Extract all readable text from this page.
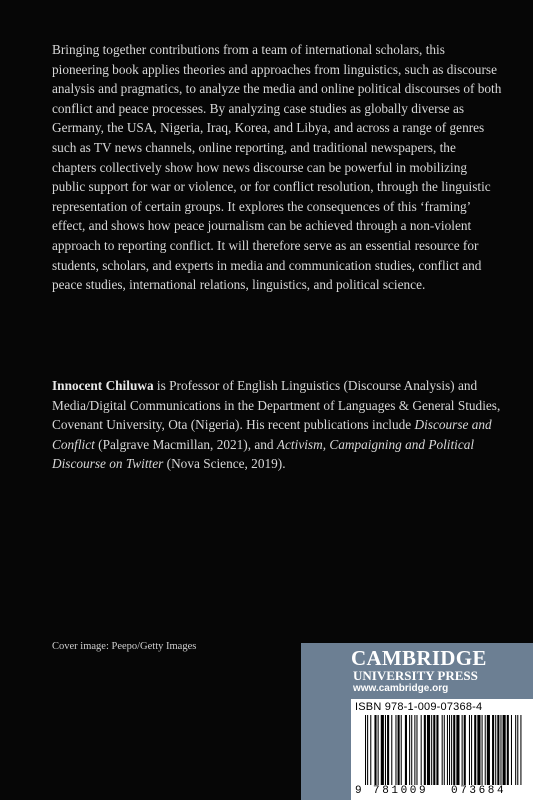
Bringing together contributions from a team of international scholars, this pioneering book applies theories and approaches from linguistics, such as discourse analysis and pragmatics, to analyze the media and online political discourses of both conflict and peace processes. By analyzing case studies as globally diverse as Germany, the USA, Nigeria, Iraq, Korea, and Libya, and across a range of genres such as TV news channels, online reporting, and traditional newspapers, the chapters collectively show how news discourse can be powerful in mobilizing public support for war or violence, or for conflict resolution, through the linguistic representation of certain groups. It explores the consequences of this ‘framing’ effect, and shows how peace journalism can be achieved through a non-violent approach to reporting conflict. It will therefore serve as an essential resource for students, scholars, and experts in media and communication studies, conflict and peace studies, international relations, linguistics, and political science.

Innocent Chiluwa is Professor of English Linguistics (Discourse Analysis) and Media/Digital Communications in the Department of Languages & General Studies, Covenant University, Ota (Nigeria). His recent publications include Discourse and Conflict (Palgrave Macmillan, 2021), and Activism, Campaigning and Political Discourse on Twitter (Nova Science, 2019).

Cover image: Peepo/Getty Images	CAMBRIDGE
UNIVERSITY PRESS
www.cambridge.org
ISBN 978-1-009-07368-4
9 781009 073684
